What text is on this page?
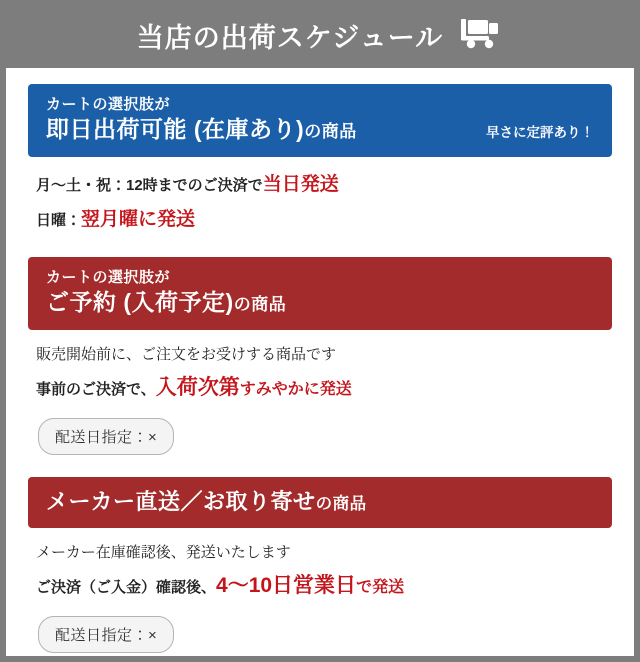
当店の出荷スケジュール
カートの選択肢が
即日出荷可能 (在庫あり)の商品	早さに定評あり！
月～土・祝：12時までのご決済で当日発送
日曜：翌月曜に発送
カートの選択肢が
ご予約 (入荷予定)の商品
販売開始前に、ご注文をお受けする商品です
事前のご決済で、入荷次第すみやかに発送
配送日指定：×
メーカー直送／お取り寄せの商品
メーカー在庫確認後、発送いたします
ご決済（ご入金）確認後、4～10日営業日で発送
配送日指定：×
